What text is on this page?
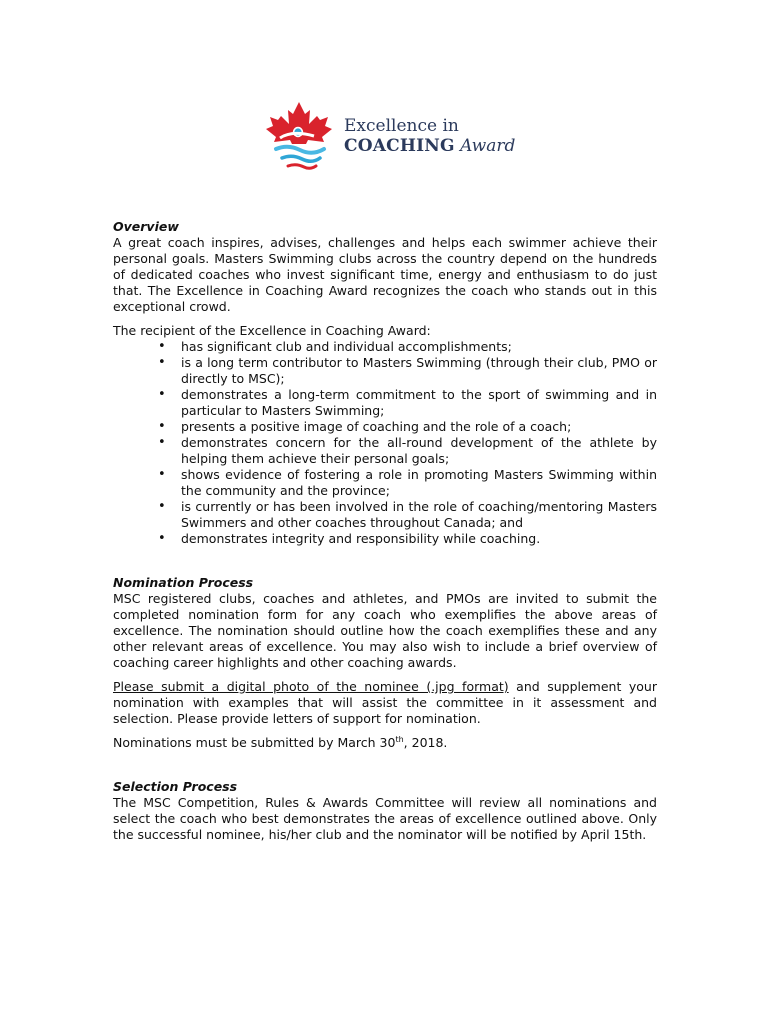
Excellence in
COACHING Award
Overview

A great coach inspires, advises, challenges and helps each swimmer achieve their personal goals. Masters Swimming clubs across the country depend on the hundreds of dedicated coaches who invest significant time, energy and enthusiasm to do just that. The Excellence in Coaching Award recognizes the coach who stands out in this exceptional crowd.

The recipient of the Excellence in Coaching Award:

• has significant club and individual accomplishments;
• is a long term contributor to Masters Swimming (through their club, PMO or directly to MSC);
• demonstrates a long-term commitment to the sport of swimming and in particular to Masters Swimming;
• presents a positive image of coaching and the role of a coach;
• demonstrates concern for the all-round development of the athlete by helping them achieve their personal goals;
• shows evidence of fostering a role in promoting Masters Swimming within the community and the province;
• is currently or has been involved in the role of coaching/mentoring Masters Swimmers and other coaches throughout Canada; and
• demonstrates integrity and responsibility while coaching.
Nomination Process

MSC registered clubs, coaches and athletes, and PMOs are invited to submit the completed nomination form for any coach who exemplifies the above areas of excellence. The nomination should outline how the coach exemplifies these and any other relevant areas of excellence. You may also wish to include a brief overview of coaching career highlights and other coaching awards.

Please submit a digital photo of the nominee (.jpg format) and supplement your nomination with examples that will assist the committee in it assessment and selection. Please provide letters of support for nomination.

Nominations must be submitted by March 30th, 2018.

Selection Process

The MSC Competition, Rules & Awards Committee will review all nominations and select the coach who best demonstrates the areas of excellence outlined above. Only the successful nominee, his/her club and the nominator will be notified by April 15th.
